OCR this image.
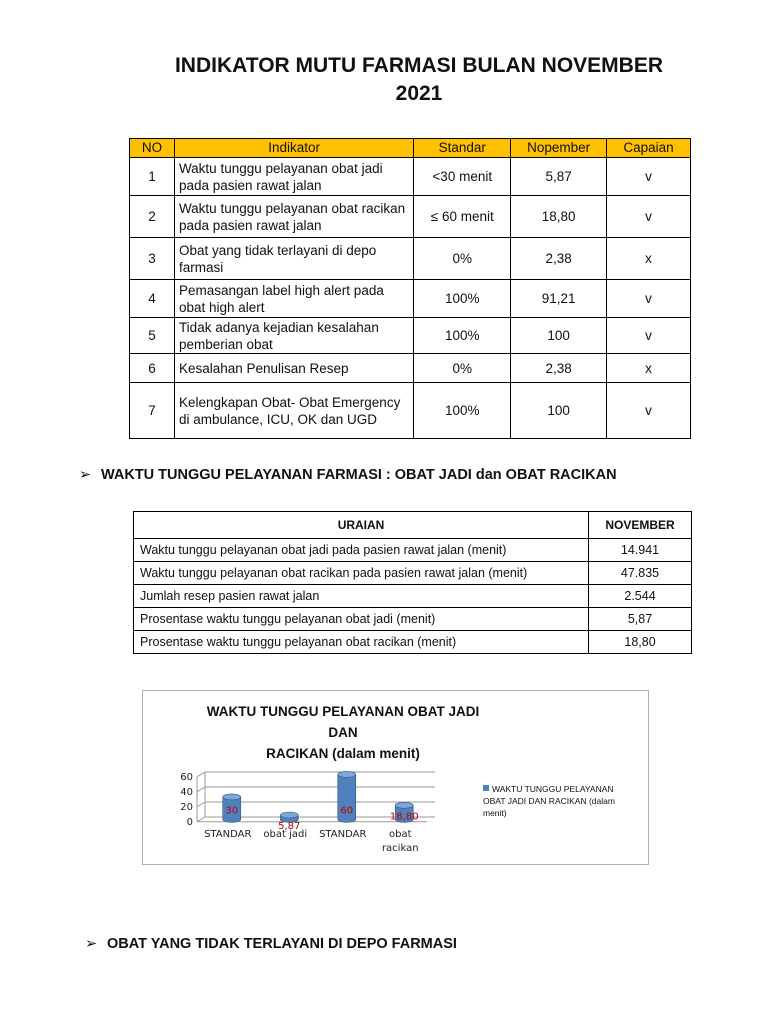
INDIKATOR MUTU FARMASI BULAN NOVEMBER
2021
NO	Indikator	Standar	Nopember	Capaian
1	Waktu tunggu pelayanan obat jadi pada pasien rawat jalan	<30 menit	5,87	v
2	Waktu tunggu pelayanan obat racikan pada pasien rawat jalan	≤ 60 menit	18,80	v
3	Obat yang tidak terlayani di depo farmasi	0%	2,38	x
4	Pemasangan label high alert pada obat high alert	100%	91,21	v
5	Tidak adanya kejadian kesalahan pemberian obat	100%	100	v
6	Kesalahan Penulisan Resep	0%	2,38	x
7	Kelengkapan Obat- Obat Emergency di ambulance, ICU, OK dan UGD	100%	100	v
➢ WAKTU TUNGGU PELAYANAN FARMASI : OBAT JADI dan OBAT RACIKAN
URAIAN	NOVEMBER
Waktu tunggu pelayanan obat jadi pada pasien rawat jalan (menit)	14.941
Waktu tunggu pelayanan obat racikan pada pasien rawat jalan (menit)	47.835
Jumlah resep pasien rawat jalan	2.544
Prosentase waktu tunggu pelayanan obat jadi (menit)	5,87
Prosentase waktu tunggu pelayanan obat racikan (menit)	18,80
WAKTU TUNGGU PELAYANAN OBAT JADI DAN
RACIKAN (dalam menit)
60
40
20
0
30
STANDAR
5,87
obat jadi
60
STANDAR
18,80
obat
racikan
WAKTU TUNGGU PELAYANAN
OBAT JADI DAN RACIKAN (dalam
menit)
➢ OBAT YANG TIDAK TERLAYANI DI DEPO FARMASI
